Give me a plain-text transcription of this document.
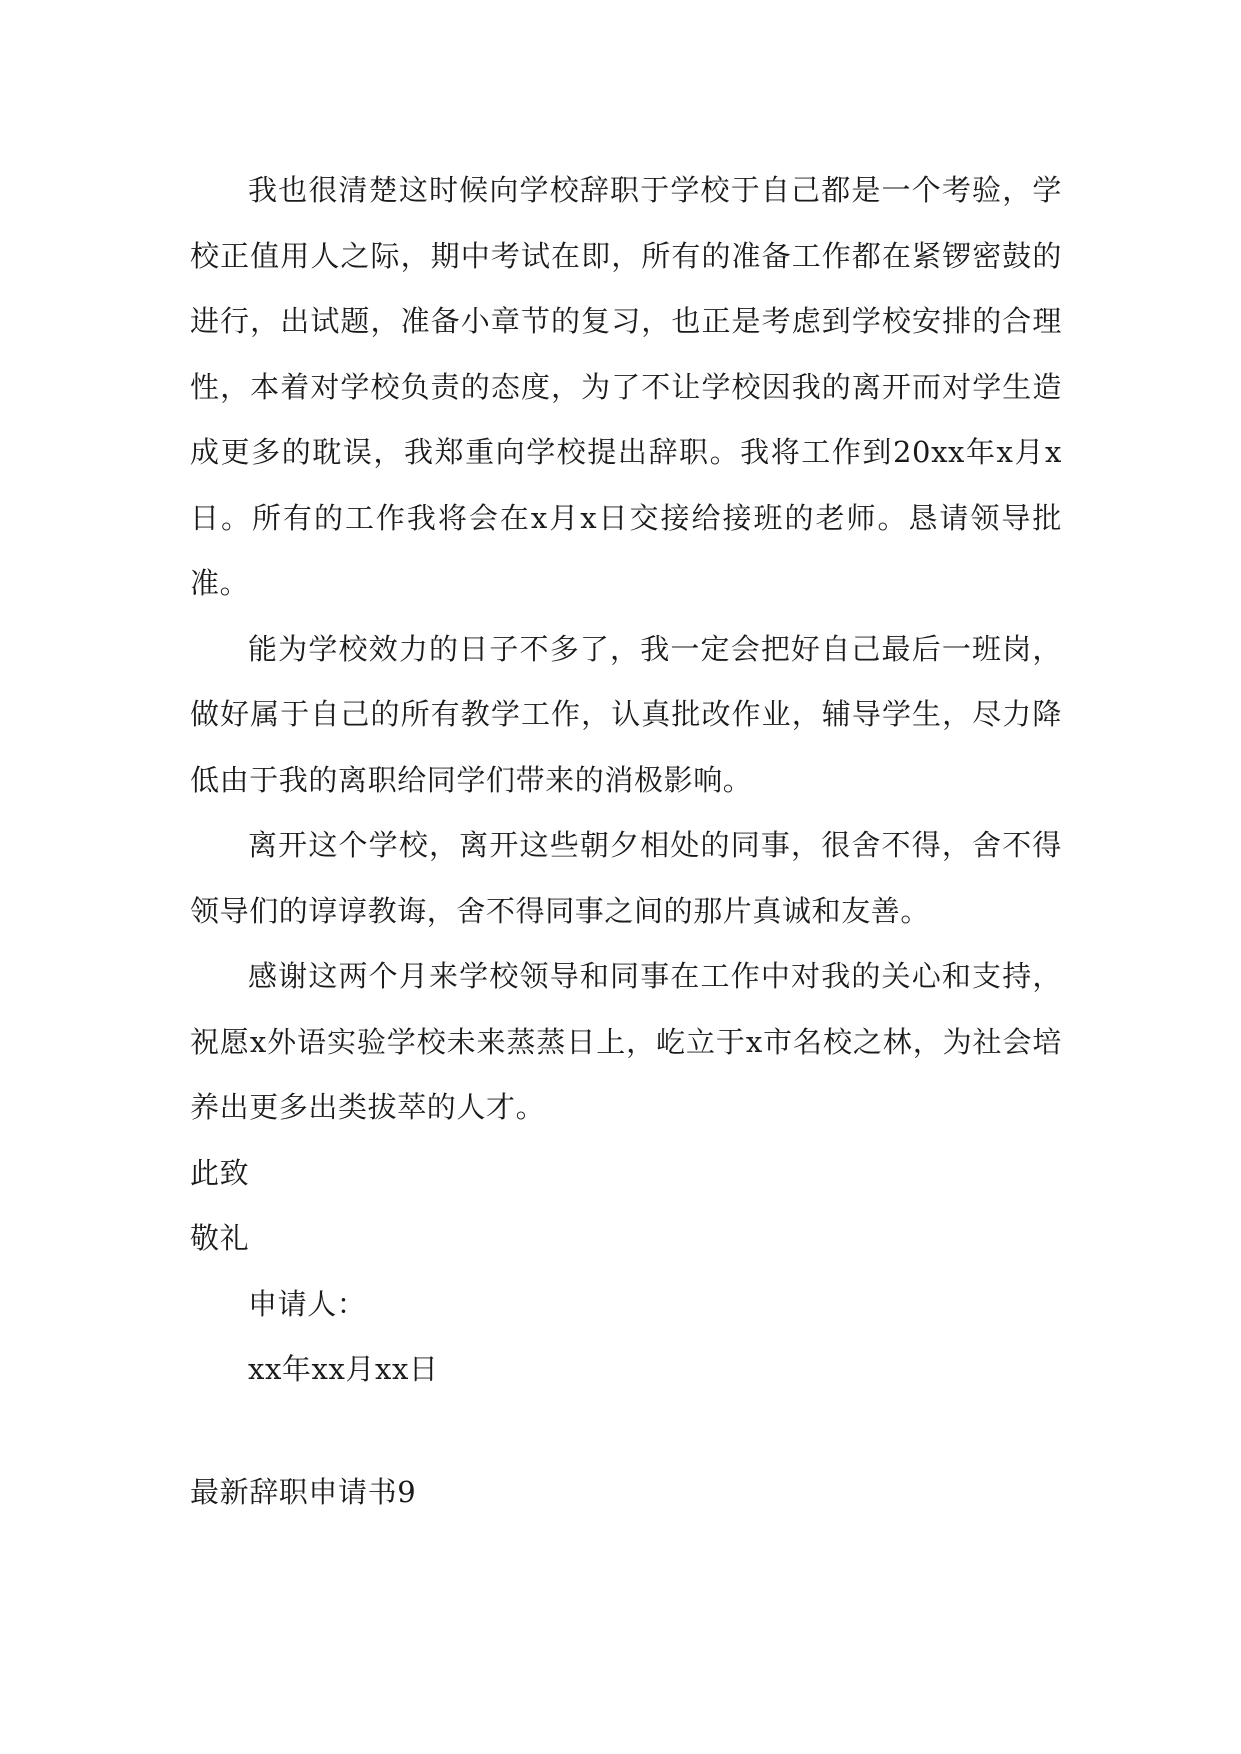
我也很清楚这时候向学校辞职于学校于自己都是一个考验，学校正值用人之际，期中考试在即，所有的准备工作都在紧锣密鼓的进行，出试题，准备小章节的复习，也正是考虑到学校安排的合理性，本着对学校负责的态度，为了不让学校因我的离开而对学生造成更多的耽误，我郑重向学校提出辞职。我将工作到20xx年x月x日。所有的工作我将会在x月x日交接给接班的老师。恳请领导批准。

能为学校效力的日子不多了，我一定会把好自己最后一班岗，做好属于自己的所有教学工作，认真批改作业，辅导学生，尽力降低由于我的离职给同学们带来的消极影响。

离开这个学校，离开这些朝夕相处的同事，很舍不得，舍不得领导们的谆谆教诲，舍不得同事之间的那片真诚和友善。

感谢这两个月来学校领导和同事在工作中对我的关心和支持，祝愿x外语实验学校未来蒸蒸日上，屹立于x市名校之林，为社会培养出更多出类拔萃的人才。

此致

敬礼

申请人：

xx年xx月xx日

最新辞职申请书9
